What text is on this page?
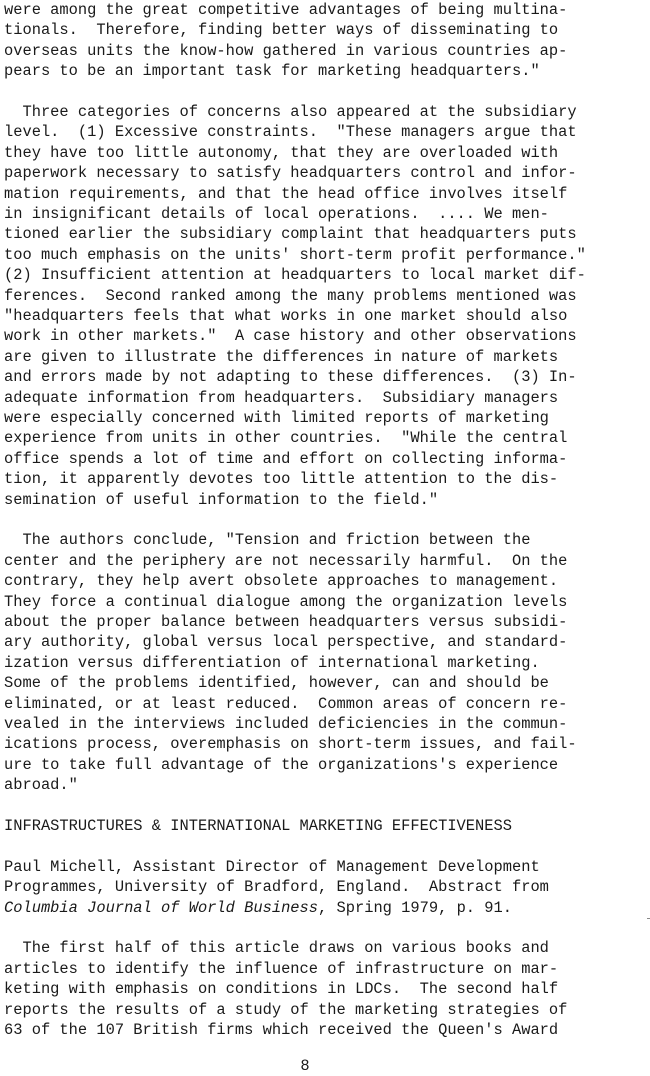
were among the great competitive advantages of being multina-
tionals.  Therefore, finding better ways of disseminating to
overseas units the know-how gathered in various countries ap-
pears to be an important task for marketing headquarters."
Three categories of concerns also appeared at the subsidiary
level.  (1) Excessive constraints.  "These managers argue that
they have too little autonomy, that they are overloaded with
paperwork necessary to satisfy headquarters control and infor-
mation requirements, and that the head office involves itself
in insignificant details of local operations.  .... We men-
tioned earlier the subsidiary complaint that headquarters puts
too much emphasis on the units' short-term profit performance."
(2) Insufficient attention at headquarters to local market dif-
ferences.  Second ranked among the many problems mentioned was
"headquarters feels that what works in one market should also
work in other markets."  A case history and other observations
are given to illustrate the differences in nature of markets
and errors made by not adapting to these differences.  (3) In-
adequate information from headquarters.  Subsidiary managers
were especially concerned with limited reports of marketing
experience from units in other countries.  "While the central
office spends a lot of time and effort on collecting informa-
tion, it apparently devotes too little attention to the dis-
semination of useful information to the field."
The authors conclude, "Tension and friction between the
center and the periphery are not necessarily harmful.  On the
contrary, they help avert obsolete approaches to management.
They force a continual dialogue among the organization levels
about the proper balance between headquarters versus subsidi-
ary authority, global versus local perspective, and standard-
ization versus differentiation of international marketing.
Some of the problems identified, however, can and should be
eliminated, or at least reduced.  Common areas of concern re-
vealed in the interviews included deficiencies in the commun-
ications process, overemphasis on short-term issues, and fail-
ure to take full advantage of the organizations's experience
abroad."
INFRASTRUCTURES & INTERNATIONAL MARKETING EFFECTIVENESS
Paul Michell, Assistant Director of Management Development
Programmes, University of Bradford, England.  Abstract from
Columbia Journal of World Business, Spring 1979, p. 91.
The first half of this article draws on various books and
articles to identify the influence of infrastructure on mar-
keting with emphasis on conditions in LDCs.  The second half
reports the results of a study of the marketing strategies of
63 of the 107 British firms which received the Queen's Award
8
